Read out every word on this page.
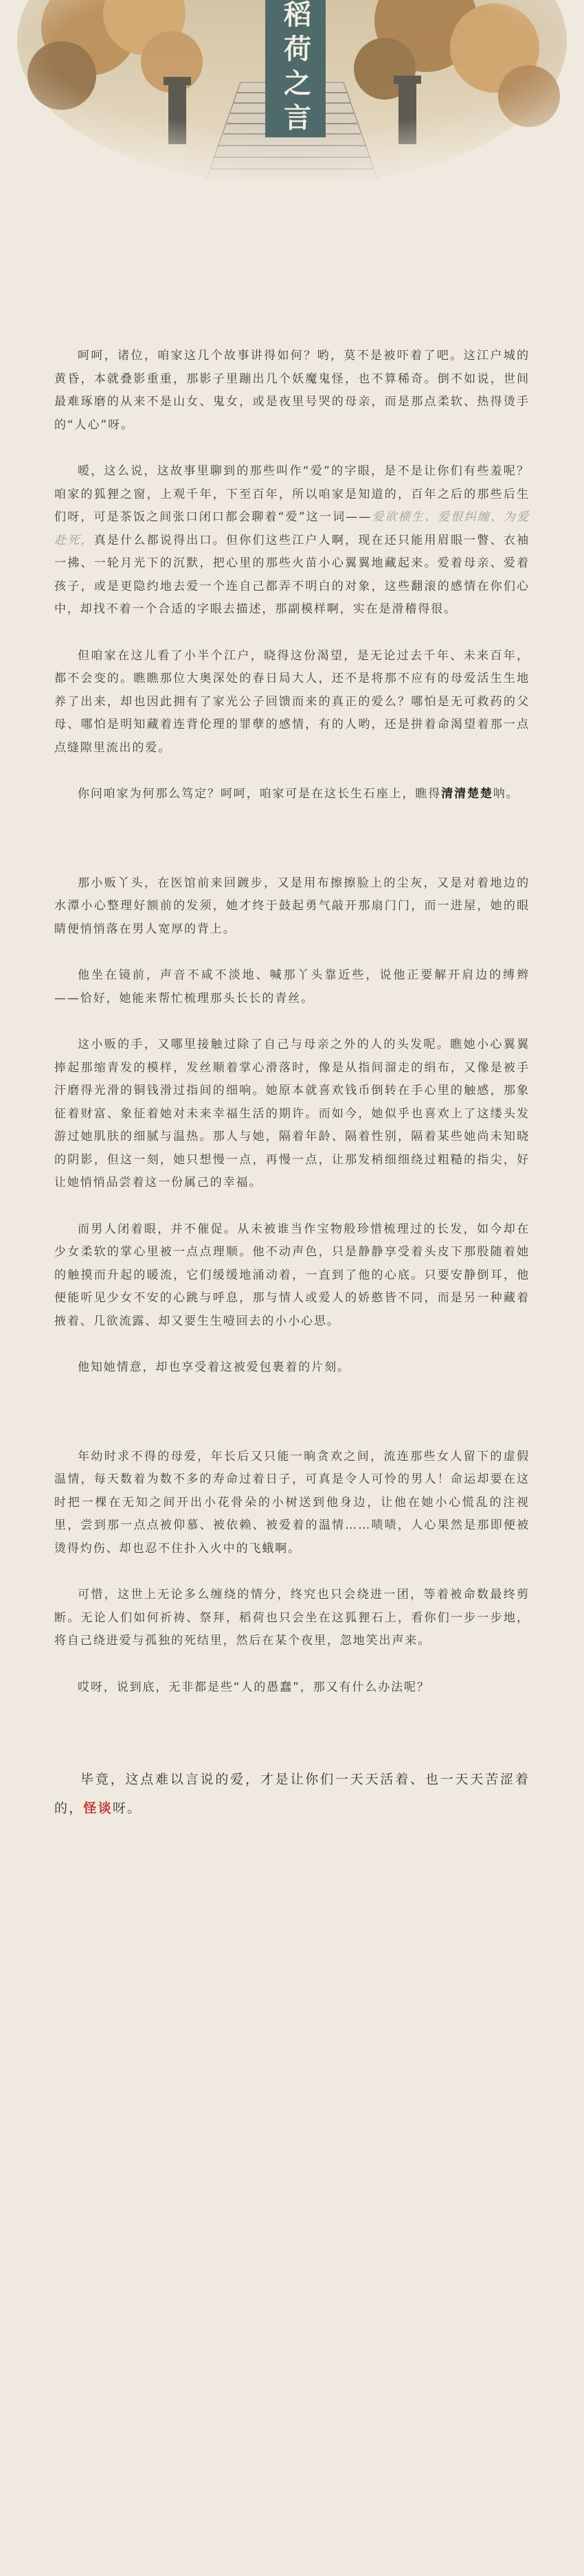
稻荷之言

呵呵，诸位，咱家这几个故事讲得如何？哟，莫不是被吓着了吧。这江户城的黄昏，本就叠影重重，那影子里蹦出几个妖魔鬼怪，也不算稀奇。倒不如说，世间最难琢磨的从来不是山女、鬼女，或是夜里号哭的母亲，而是那点柔软、热得烫手的“人心”呀。

嗳，这么说，这故事里聊到的那些叫作“爱”的字眼，是不是让你们有些羞呢？咱家的狐狸之窗，上观千年，下至百年，所以咱家是知道的，百年之后的那些后生们呀，可是茶饭之间张口闭口都会聊着“爱”这一词——爱欲横生、爱恨纠缠、为爱赴死，真是什么都说得出口。但你们这些江户人啊，现在还只能用眉眼一瞥、衣袖一拂、一轮月光下的沉默，把心里的那些火苗小心翼翼地藏起来。爱着母亲、爱着孩子，或是更隐约地去爱一个连自己都弄不明白的对象，这些翻滚的感情在你们心中，却找不着一个合适的字眼去描述，那副模样啊，实在是滑稽得很。

但咱家在这儿看了小半个江户，晓得这份渴望，是无论过去千年、未来百年，都不会变的。瞧瞧那位大奥深处的春日局大人，还不是将那不应有的母爱活生生地养了出来，却也因此拥有了家光公子回馈而来的真正的爱么？哪怕是无可救药的父母、哪怕是明知藏着连背伦理的罪孽的感情，有的人哟，还是拼着命渴望着那一点点缝隙里流出的爱。

你问咱家为何那么笃定？呵呵，咱家可是在这长生石座上，瞧得清清楚楚呐。

那小贩丫头，在医馆前来回踱步，又是用布擦擦脸上的尘灰，又是对着地边的水潭小心整理好额前的发须，她才终于鼓起勇气敲开那扇门门，而一进屋，她的眼睛便悄悄落在男人宽厚的背上。

他坐在镜前，声音不咸不淡地、喊那丫头靠近些，说他正要解开肩边的缚辫——恰好，她能来帮忙梳理那头长长的青丝。

这小贩的手，又哪里接触过除了自己与母亲之外的人的头发呢。瞧她小心翼翼捧起那缩青发的模样，发丝顺着掌心滑落时，像是从指间溜走的绢布，又像是被手汗磨得光滑的铜钱滑过指间的细响。她原本就喜欢钱币倒转在手心里的触感，那象征着财富、象征着她对未来幸福生活的期许。而如今，她似乎也喜欢上了这缕头发游过她肌肤的细腻与温热。那人与她，隔着年龄、隔着性别，隔着某些她尚未知晓的阴影，但这一刻，她只想慢一点，再慢一点，让那发梢细细绕过粗糙的指尖，好让她悄悄品尝着这一份属己的幸福。

而男人闭着眼，并不催促。从未被谁当作宝物般珍惜梳理过的长发，如今却在少女柔软的掌心里被一点点理顺。他不动声色，只是静静享受着头皮下那股随着她的触摸而升起的暖流，它们缓缓地涌动着，一直到了他的心底。只要安静倒耳，他便能听见少女不安的心跳与呼息，那与情人或爱人的娇憨皆不同，而是另一种藏着掖着、几欲流露、却又要生生噎回去的小小心思。

他知她情意，却也享受着这被爱包裹着的片刻。

年幼时求不得的母爱，年长后又只能一晌贪欢之间，流连那些女人留下的虚假温情，每天数着为数不多的寿命过着日子，可真是令人可怜的男人！命运却要在这时把一棵在无知之间开出小花骨朵的小树送到他身边，让他在她小心慌乱的注视里，尝到那一点点被仰慕、被依赖、被爱着的温情……啧啧，人心果然是那即便被烫得灼伤、却也忍不住扑入火中的飞蛾啊。

可惜，这世上无论多么缠绕的情分，终究也只会绕进一团，等着被命数最终剪断。无论人们如何祈祷、祭拜，稻荷也只会坐在这狐狸石上，看你们一步一步地，将自己绕进爱与孤独的死结里，然后在某个夜里，忽地笑出声来。

哎呀，说到底，无非都是些“人的愚蠢”，那又有什么办法呢？

毕竟，这点难以言说的爱，才是让你们一天天活着、也一天天苦涩着的，怪谈呀。
